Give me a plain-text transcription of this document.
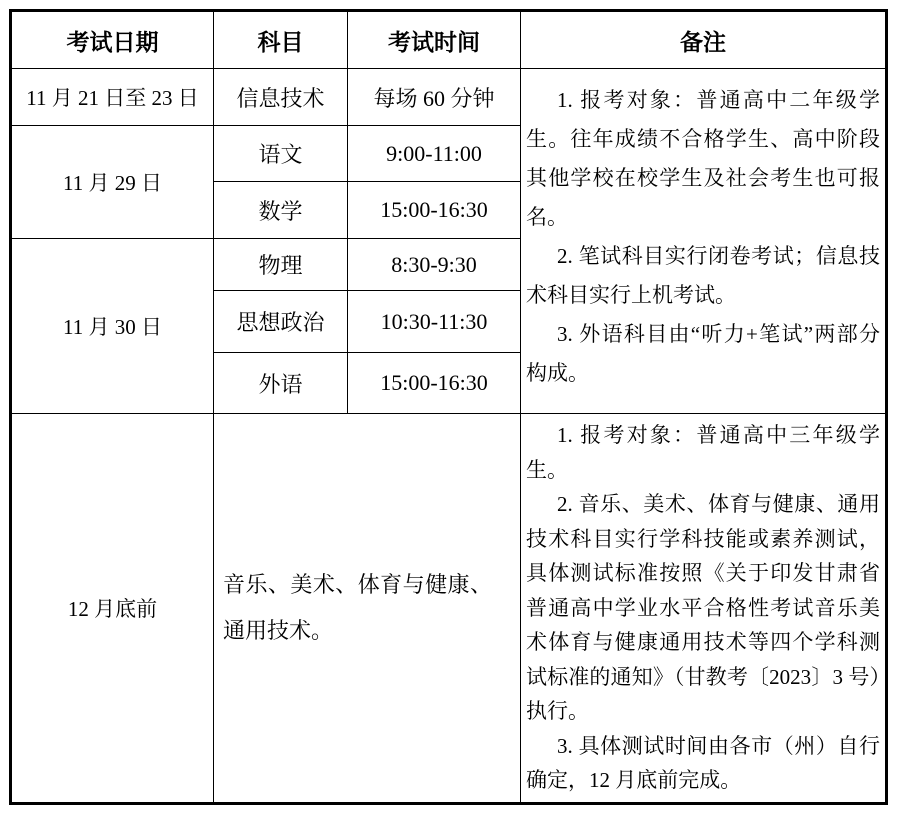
考试日期	科目	考试时间	备注
11 月 21 日至 23 日	信息技术	每场 60 分钟	1. 报考对象：普通高中二年级学生。往年成绩不合格学生、高中阶段其他学校在校学生及社会考生也可报名。

2. 笔试科目实行闭卷考试；信息技术科目实行上机考试。

3. 外语科目由“听力+笔试”两部分构成。

11 月 29 日	语文	9:00-11:00	
	数学	15:00-16:30	
11 月 30 日	物理	8:30-9:30	
	思想政治	10:30-11:30	
	外语	15:00-16:30	
12 月底前	音乐、美术、体育与健康、通用技术。		1. 报考对象：普通高中三年级学生。

2. 音乐、美术、体育与健康、通用技术科目实行学科技能或素养测试，具体测试标准按照《关于印发甘肃省普通高中学业水平合格性考试音乐美术体育与健康通用技术等四个学科测试标准的通知》（甘教考〔2023〕3 号）执行。

3. 具体测试时间由各市（州）自行确定，12 月底前完成。
